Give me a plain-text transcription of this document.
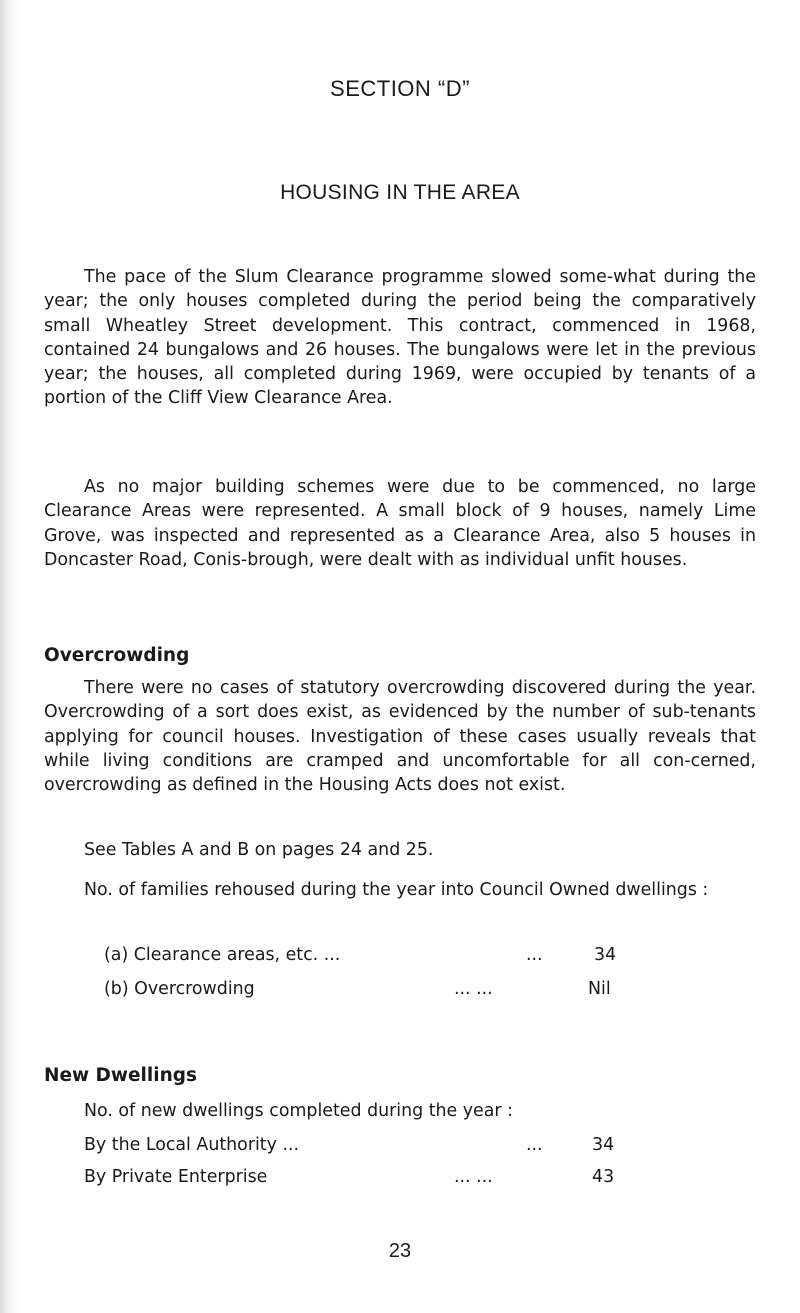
SECTION “D”
HOUSING IN THE AREA

The pace of the Slum Clearance programme slowed some-what during the year; the only houses completed during the period being the comparatively small Wheatley Street development. This contract, commenced in 1968, contained 24 bungalows and 26 houses. The bungalows were let in the previous year; the houses, all completed during 1969, were occupied by tenants of a portion of the Cliff View Clearance Area.

As no major building schemes were due to be commenced, no large Clearance Areas were represented. A small block of 9 houses, namely Lime Grove, was inspected and represented as a Clearance Area, also 5 houses in Doncaster Road, Conis-brough, were dealt with as individual unfit houses.

Overcrowding

There were no cases of statutory overcrowding discovered during the year. Overcrowding of a sort does exist, as evidenced by the number of sub-tenants applying for council houses. Investigation of these cases usually reveals that while living conditions are cramped and uncomfortable for all con-cerned, overcrowding as defined in the Housing Acts does not exist.

See Tables A and B on pages 24 and 25.

No. of families rehoused during the year into Council Owned dwellings :

(a) Clearance areas, etc. ...	...	34
(b) Overcrowding	... ...	Nil
New Dwellings

No. of new dwellings completed during the year :

By the Local Authority ...	...	34
By Private Enterprise	... ...	43
23
